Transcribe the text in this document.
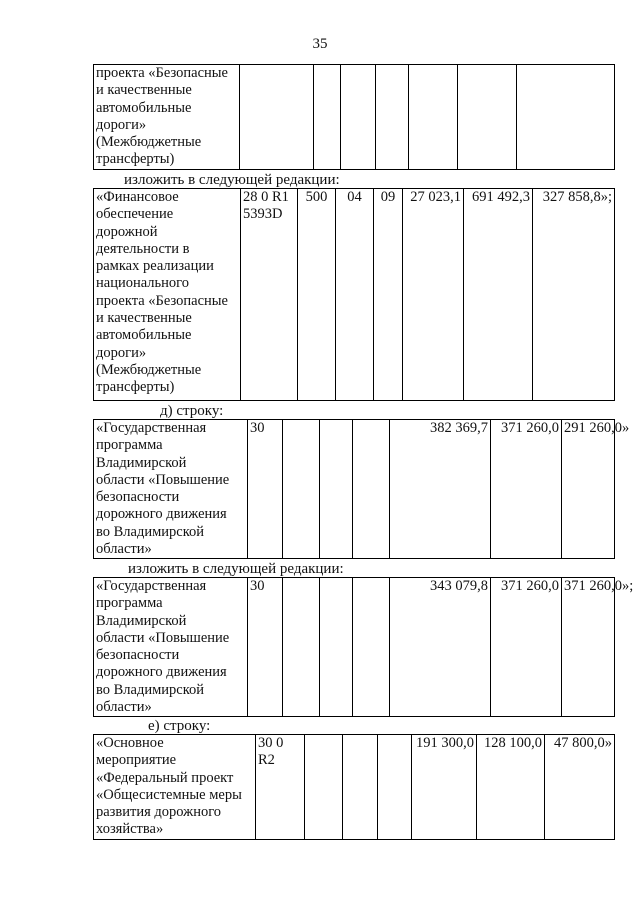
35
проекта «Безопасные
и качественные
автомобильные
дороги»
(Межбюджетные
трансферты)							
изложить в следующей редакции:
«Финансовое
обеспечение
дорожной
деятельности в
рамках реализации
национального
проекта «Безопасные
и качественные
автомобильные
дороги»
(Межбюджетные
трансферты)	28 0 R1
5393D	500	04	09	27 023,1	691 492,3	327 858,8»;
д) строку:
«Государственная
программа
Владимирской
области «Повышение
безопасности
дорожного движения
во Владимирской
области»	30				382 369,7	371 260,0	291 260,0»
изложить в следующей редакции:
«Государственная
программа
Владимирской
области «Повышение
безопасности
дорожного движения
во Владимирской
области»	30				343 079,8	371 260,0	371 260,0»;
е) строку:
«Основное
мероприятие
«Федеральный проект
«Общесистемные меры
развития дорожного
хозяйства»	30 0
R2				191 300,0	128 100,0	47 800,0»
